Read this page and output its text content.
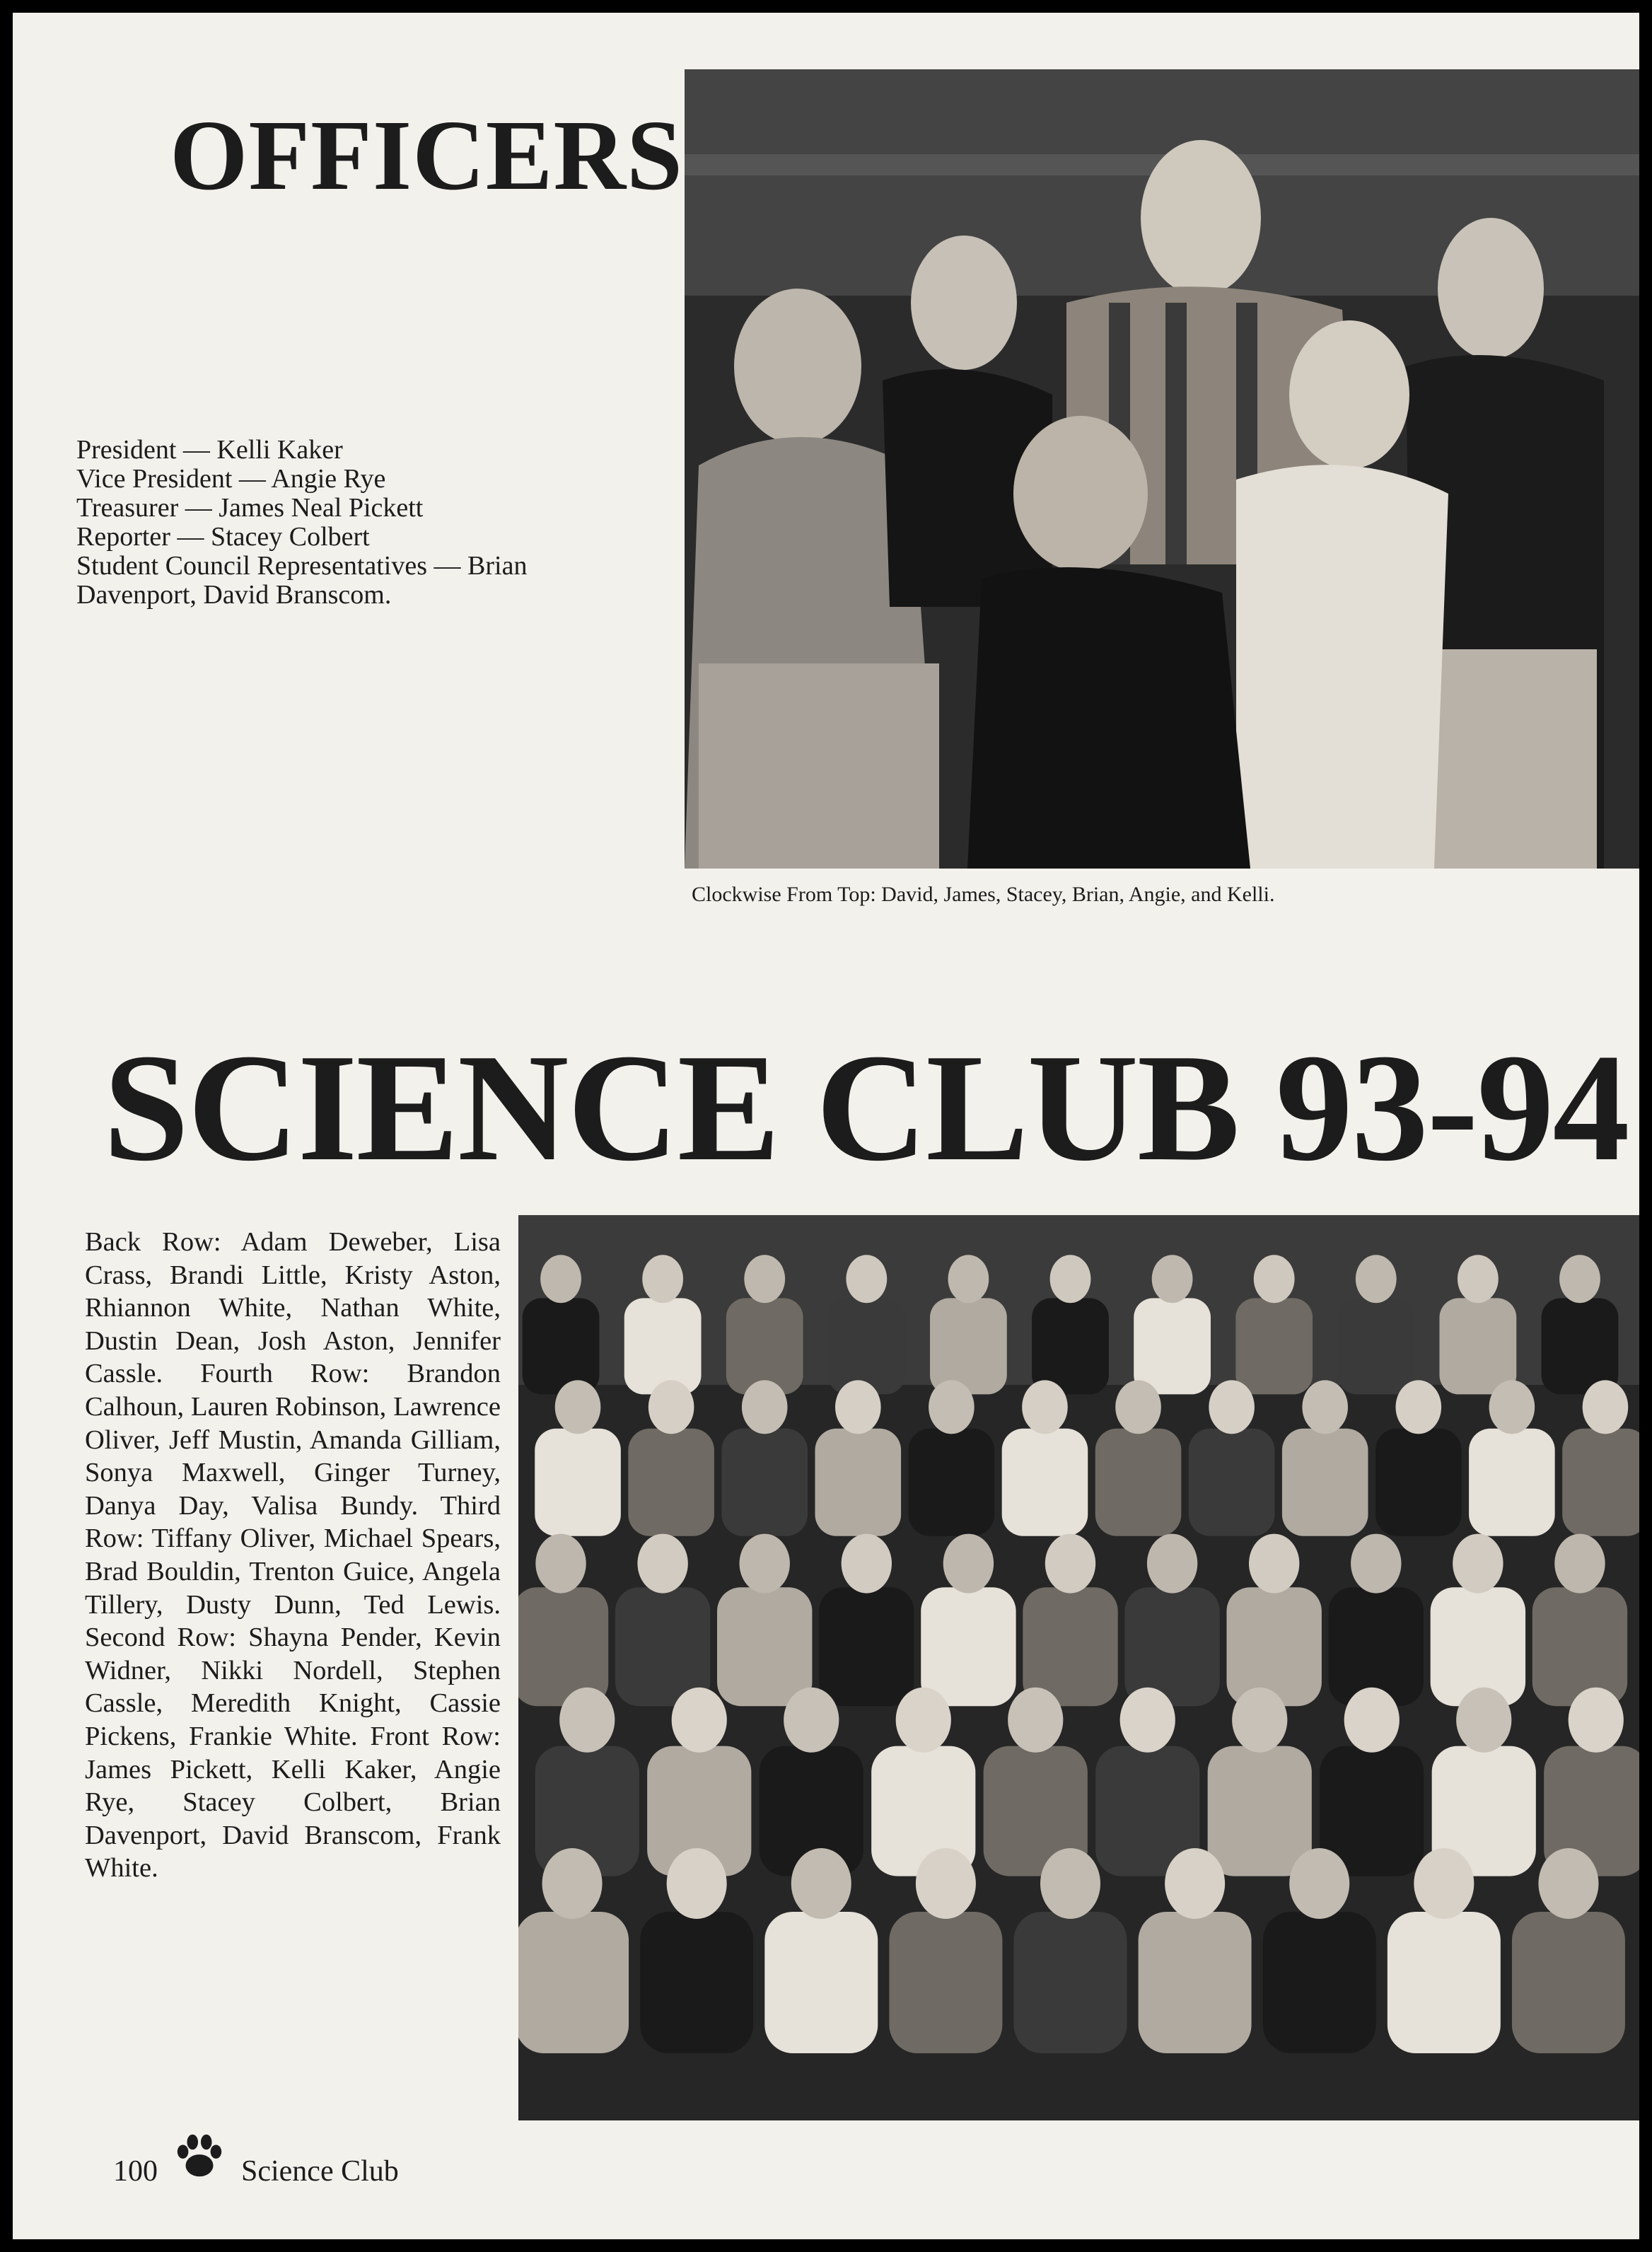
OFFICERS
President — Kelli Kaker
Vice President — Angie Rye
Treasurer — James Neal Pickett
Reporter — Stacey Colbert
Student Council Representatives — Brian
Davenport, David Branscom.
Clockwise From Top: David, James, Stacey, Brian, Angie, and Kelli.
SCIENCE CLUB 93-94

Back Row: Adam Deweber, Lisa Crass, Brandi Little, Kristy Aston, Rhiannon White, Nathan White, Dustin Dean, Josh Aston, Jennifer Cassle. Fourth Row: Brandon Calhoun, Lauren Robinson, Lawrence Oliver, Jeff Mustin, Amanda Gilliam, Sonya Maxwell, Ginger Turney, Danya Day, Valisa Bundy. Third Row: Tiffany Oliver, Michael Spears, Brad Bouldin, Trenton Guice, Angela Tillery, Dusty Dunn, Ted Lewis. Second Row: Shayna Pender, Kevin Widner, Nikki Nordell, Stephen Cassle, Meredith Knight, Cassie Pickens, Frankie White. Front Row: James Pickett, Kelli Kaker, Angie Rye, Stacey Colbert, Brian Davenport, David Branscom, Frank White.

100	Science Club
